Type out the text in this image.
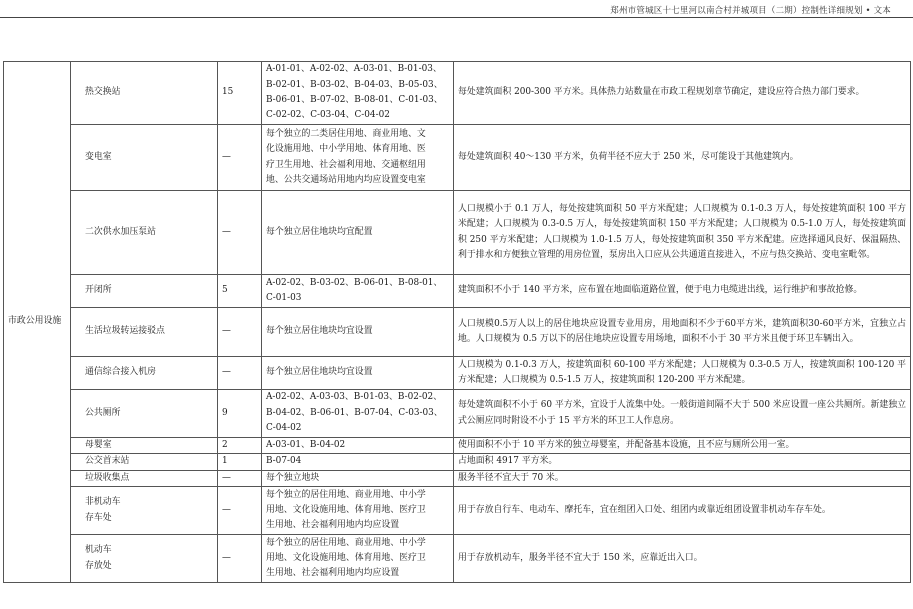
郑州市管城区十七里河以南合村并城项目（二期）控制性详细规划 • 文本
市政公用设施	热交换站	15	A-01-01、A-02-02、A-03-01、B-01-03、
B-02-01、B-03-02、B-04-03、B-05-03、
B-06-01、B-07-02、B-08-01、C-01-03、
C-02-02、C-03-04、C-04-02	每处建筑面积 200-300 平方米。具体热力站数量在市政工程规划章节确定，建设应符合热力部门要求。
	变电室	—	每个独立的二类居住用地、商业用地、文
化设施用地、中小学用地、体育用地、医
疗卫生用地、社会福利用地、交通枢纽用
地、公共交通场站用地内均应设置变电室	每处建筑面积 40～130 平方米，负荷半径不应大于 250 米，尽可能设于其他建筑内。
	二次供水加压泵站	—	每个独立居住地块均宜配置	人口规模小于 0.1 万人，每处按建筑面积 50 平方米配建；人口规模为 0.1-0.3 万人，每处按建筑面积 100 平方米配建；人口规模为 0.3-0.5 万人，每处按建筑面积 150 平方米配建；人口规模为 0.5-1.0 万人，每处按建筑面积 250 平方米配建；人口规模为 1.0-1.5 万人，每处按建筑面积 350 平方米配建。应选择通风良好、保温隔热、利于排水和方便独立管理的用房位置，泵房出入口应从公共通道直接进入，不应与热交换站、变电室毗邻。
	开闭所	5	A-02-02、B-03-02、B-06-01、B-08-01、
C-01-03	建筑面积不小于 140 平方米，应布置在地面临道路位置，便于电力电缆进出线，运行维护和事故抢修。
	生活垃圾转运接驳点	—	每个独立居住地块均宜设置	人口规模0.5万人以上的居住地块应设置专业用房，用地面积不少于60平方米，建筑面积30-60平方米，宜独立占地。人口规模为 0.5 万以下的居住地块应设置专用场地，面积不小于 30 平方米且便于环卫车辆出入。
	通信综合接入机房	—	每个独立居住地块均宜设置	人口规模为 0.1-0.3 万人，按建筑面积 60-100 平方米配建；人口规模为 0.3-0.5 万人，按建筑面积 100-120 平方米配建；人口规模为 0.5-1.5 万人，按建筑面积 120-200 平方米配建。
	公共厕所	9	A-02-02、A-03-03、B-01-03、B-02-02、
B-04-02、B-06-01、B-07-04、C-03-03、
C-04-02	每处建筑面积不小于 60 平方米，宜设于人流集中处。一般街道间隔不大于 500 米应设置一座公共厕所。新建独立式公厕应同时附设不小于 15 平方米的环卫工人作息房。
	母婴室	2	A-03-01、B-04-02	使用面积不小于 10 平方米的独立母婴室，并配备基本设施，且不应与厕所公用一室。
	公交首末站	1	B-07-04	占地面积 4917 平方米。
	垃圾收集点	—	每个独立地块	服务半径不宜大于 70 米。

	非机动车
存车处	—	每个独立的居住用地、商业用地、中小学
用地、文化设施用地、体育用地、医疗卫
生用地、社会福利用地内均应设置	用于存放自行车、电动车、摩托车，宜在组团入口处、组团内或靠近组团设置非机动车存车处。

	机动车
存放处	—	每个独立的居住用地、商业用地、中小学
用地、文化设施用地、体育用地、医疗卫
生用地、社会福利用地内均应设置	用于存放机动车，服务半径不宜大于 150 米，应靠近出入口。
